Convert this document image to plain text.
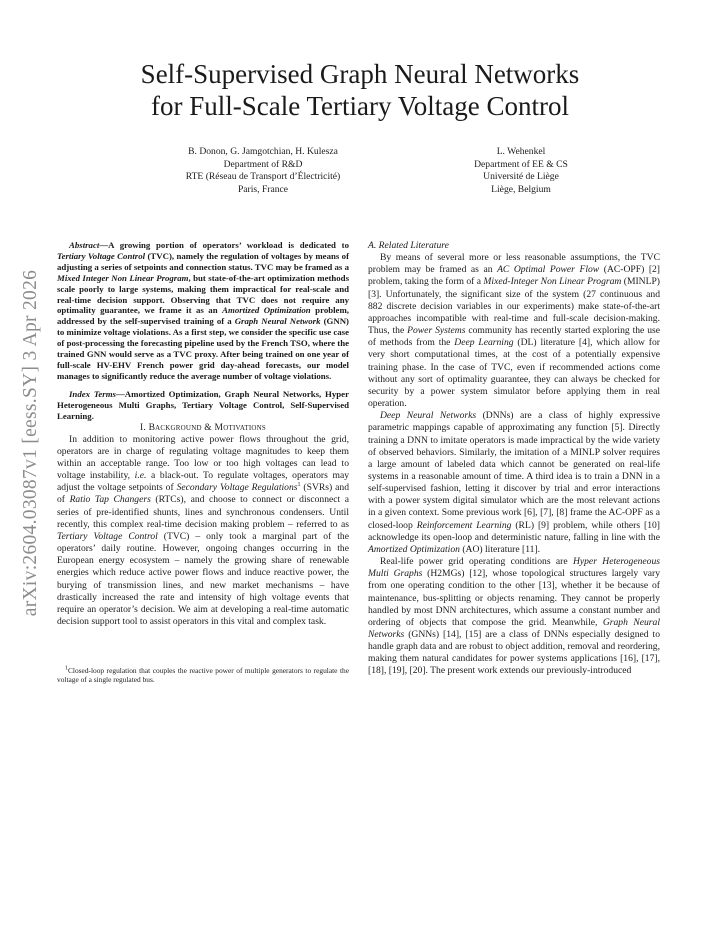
arXiv:2604.03087v1 [eess.SY] 3 Apr 2026
Self-Supervised Graph Neural Networks
for Full-Scale Tertiary Voltage Control
B. Donon, G. Jamgotchian, H. Kulesza
Department of R&D
RTE (Réseau de Transport d’Électricité)
Paris, France
L. Wehenkel
Department of EE & CS
Université de Liège
Liège, Belgium

Abstract—A growing portion of operators’ workload is dedicated to Tertiary Voltage Control (TVC), namely the regulation of voltages by means of adjusting a series of setpoints and connection status. TVC may be framed as a Mixed Integer Non Linear Program, but state-of-the-art optimization methods scale poorly to large systems, making them impractical for real-scale and real-time decision support. Observing that TVC does not require any optimality guarantee, we frame it as an Amortized Optimization problem, addressed by the self-supervised training of a Graph Neural Network (GNN) to minimize voltage violations. As a first step, we consider the specific use case of post-processing the forecasting pipeline used by the French TSO, where the trained GNN would serve as a TVC proxy. After being trained on one year of full-scale HV-EHV French power grid day-ahead forecasts, our model manages to significantly reduce the average number of voltage violations.

Index Terms—Amortized Optimization, Graph Neural Networks, Hyper Heterogeneous Multi Graphs, Tertiary Voltage Control, Self-Supervised Learning.

I. Background & Motivations

In addition to monitoring active power flows throughout the grid, operators are in charge of regulating voltage magnitudes to keep them within an acceptable range. Too low or too high voltages can lead to voltage instability, i.e. a black-out. To regulate voltages, operators may adjust the voltage setpoints of Secondary Voltage Regulations$^1$ (SVRs) and of Ratio Tap Changers (RTCs), and choose to connect or disconnect a series of pre-identified shunts, lines and synchronous condensers. Until recently, this complex real-time decision making problem – referred to as Tertiary Voltage Control (TVC) – only took a marginal part of the operators’ daily routine. However, ongoing changes occurring in the European energy ecosystem – namely the growing share of renewable energies which reduce active power flows and induce reactive power, the burying of transmission lines, and new market mechanisms – have drastically increased the rate and intensity of high voltage events that require an operator’s decision. We aim at developing a real-time automatic decision support tool to assist operators in this vital and complex task.

$^1$Closed-loop regulation that couples the reactive power of multiple generators to regulate the voltage of a single regulated bus.

A. Related Literature

By means of several more or less reasonable assumptions, the TVC problem may be framed as an AC Optimal Power Flow (AC-OPF) [2] problem, taking the form of a Mixed-Integer Non Linear Program (MINLP) [3]. Unfortunately, the significant size of the system (27 continuous and 882 discrete decision variables in our experiments) make state-of-the-art approaches incompatible with real-time and full-scale decision-making. Thus, the Power Systems community has recently started exploring the use of methods from the Deep Learning (DL) literature [4], which allow for very short computational times, at the cost of a potentially expensive training phase. In the case of TVC, even if recommended actions come without any sort of optimality guarantee, they can always be checked for security by a power system simulator before applying them in real operation.

Deep Neural Networks (DNNs) are a class of highly expressive parametric mappings capable of approximating any function [5]. Directly training a DNN to imitate operators is made impractical by the wide variety of observed behaviors. Similarly, the imitation of a MINLP solver requires a large amount of labeled data which cannot be generated on real-life systems in a reasonable amount of time. A third idea is to train a DNN in a self-supervised fashion, letting it discover by trial and error interactions with a power system digital simulator which are the most relevant actions in a given context. Some previous work [6], [7], [8] frame the AC-OPF as a closed-loop Reinforcement Learning (RL) [9] problem, while others [10] acknowledge its open-loop and deterministic nature, falling in line with the Amortized Optimization (AO) literature [11].

Real-life power grid operating conditions are Hyper Heterogeneous Multi Graphs (H2MGs) [12], whose topological structures largely vary from one operating condition to the other [13], whether it be because of maintenance, bus-splitting or objects renaming. They cannot be properly handled by most DNN architectures, which assume a constant number and ordering of objects that compose the grid. Meanwhile, Graph Neural Networks (GNNs) [14], [15] are a class of DNNs especially designed to handle graph data and are robust to object addition, removal and reordering, making them natural candidates for power systems applications [16], [17], [18], [19], [20]. The present work extends our previously-introduced
